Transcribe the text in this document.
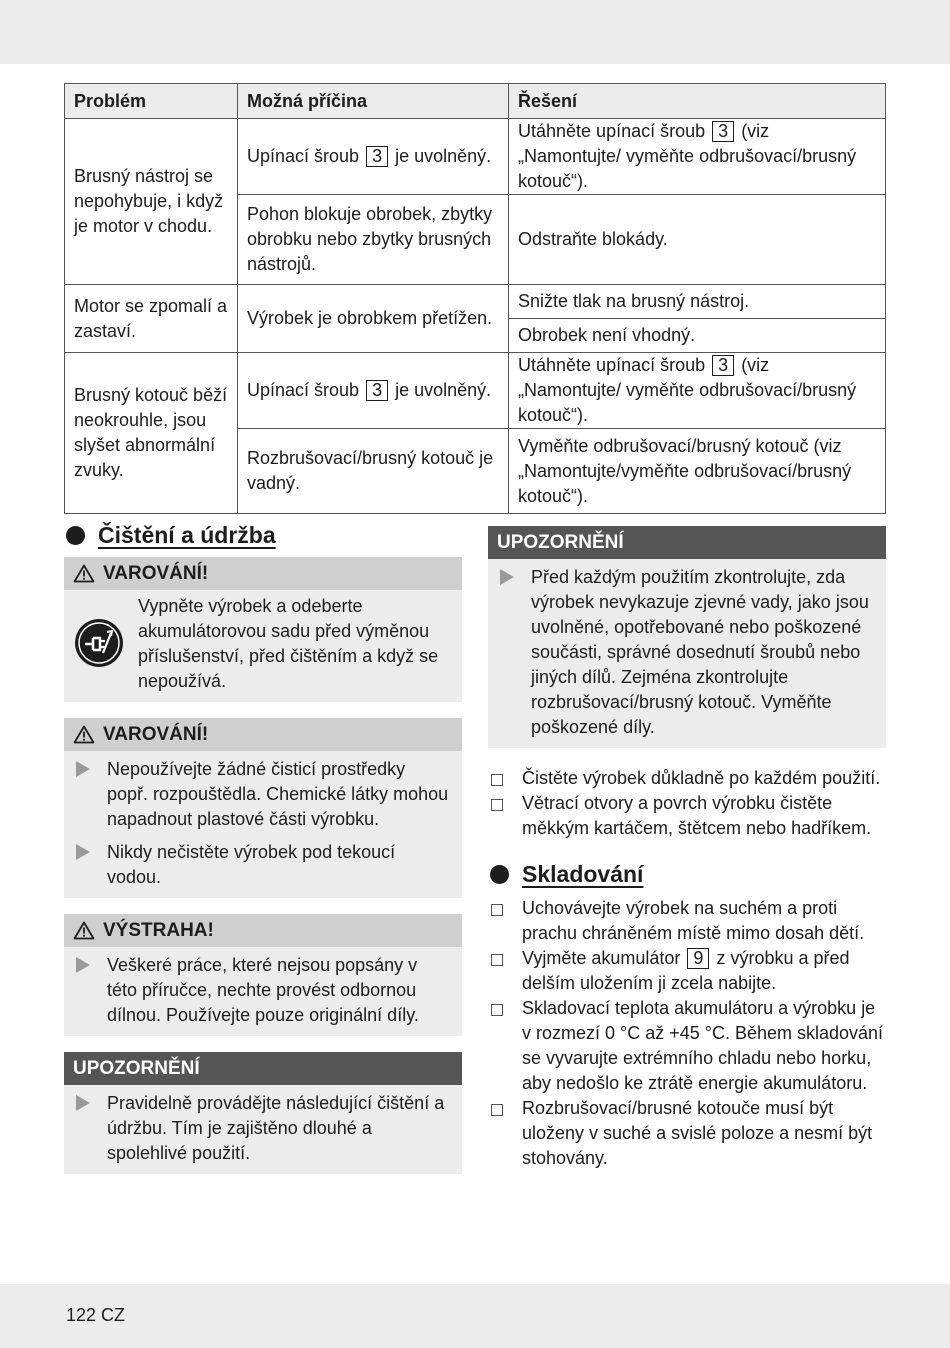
Problém	Možná příčina	Řešení
Brusný nástroj se nepohybuje, i když je motor v chodu.	Upínací šroub 3 je uvolněný.	Utáhněte upínací šroub 3 (viz „Namontujte/ vyměňte odbrušovací/brusný kotouč“).
	Pohon blokuje obrobek, zbytky obrobku nebo zbytky brusných nástrojů.	Odstraňte blokády.
Motor se zpomalí a zastaví.	Výrobek je obrobkem přetížen.	Snižte tlak na brusný nástroj.
		Obrobek není vhodný.
Brusný kotouč běží neokrouhle, jsou slyšet abnormální zvuky.	Upínací šroub 3 je uvolněný.	Utáhněte upínací šroub 3 (viz „Namontujte/ vyměňte odbrušovací/brusný kotouč“).
	Rozbrušovací/brusný kotouč je vadný.	Vyměňte odbrušovací/brusný kotouč (viz „Namontujte/vyměňte odbrušovací/brusný kotouč“).
Čištění a údržba
VAROVÁNÍ!
Vypněte výrobek a odeberte akumulátorovou sadu před výměnou příslušenství, před čištěním a když se nepoužívá.
VAROVÁNÍ!
Nepoužívejte žádné čisticí prostředky popř. rozpouštědla. Chemické látky mohou napadnout plastové části výrobku.
Nikdy nečistěte výrobek pod tekoucí vodou.
VÝSTRAHA!
Veškeré práce, které nejsou popsány v této příručce, nechte provést odbornou dílnou. Používejte pouze originální díly.
UPOZORNĚNÍ
Pravidelně provádějte následující čištění a údržbu. Tím je zajištěno dlouhé a spolehlivé použití.
UPOZORNĚNÍ
Před každým použitím zkontrolujte, zda výrobek nevykazuje zjevné vady, jako jsou uvolněné, opotřebované nebo poškozené součásti, správné dosednutí šroubů nebo jiných dílů. Zejména zkontrolujte rozbrušovací/brusný kotouč. Vyměňte poškozené díly.
Čistěte výrobek důkladně po každém použití.
Větrací otvory a povrch výrobku čistěte měkkým kartáčem, štětcem nebo hadříkem.
Skladování
Uchovávejte výrobek na suchém a proti prachu chráněném místě mimo dosah dětí.
Vyjměte akumulátor 9 z výrobku a před delším uložením ji zcela nabijte.
Skladovací teplota akumulátoru a výrobku je v rozmezí 0 °C až +45 °C. Během skladování se vyvarujte extrémního chladu nebo horku, aby nedošlo ke ztrátě energie akumulátoru.
Rozbrušovací/brusné kotouče musí být uloženy v suché a svislé poloze a nesmí být stohovány.
122 CZ
